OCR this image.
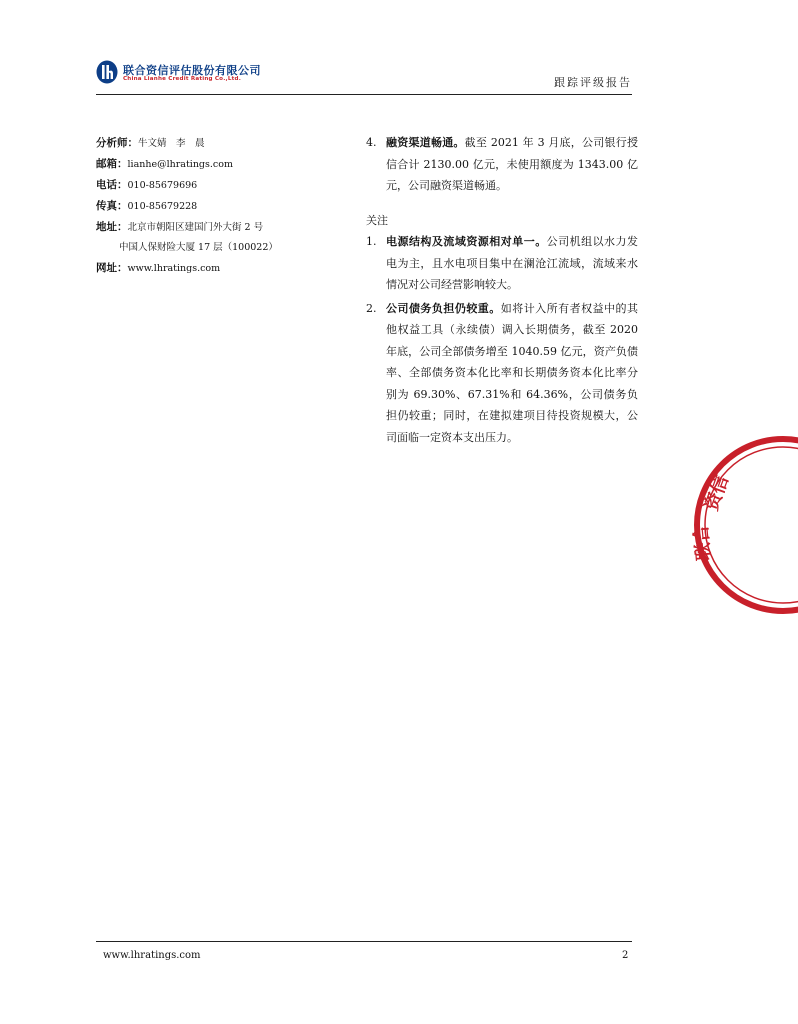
联合资信评估股份有限公司
China Lianhe Credit Rating Co.,Ltd.	跟踪评级报告
分析师：牛文婧　李　晨
邮箱：lianhe@lhratings.com
电话：010-85679696
传真：010-85679228
地址：北京市朝阳区建国门外大街 2 号
中国人保财险大厦 17 层（100022）
网址：www.lhratings.com
4. 融资渠道畅通。截至 2021 年 3 月底，公司银行授信合计 2130.00 亿元，未使用额度为 1343.00 亿元，公司融资渠道畅通。
关注
1. 电源结构及流域资源相对单一。公司机组以水力发电为主，且水电项目集中在澜沧江流域，流域来水情况对公司经营影响较大。
2. 公司债务负担仍较重。如将计入所有者权益中的其他权益工具（永续债）调入长期债务，截至 2020 年底，公司全部债务增至 1040.59 亿元，资产负债率、全部债务资本化比率和长期债务资本化比率分别为 69.30%、67.31%和 64.36%，公司债务负担仍较重；同时，在建拟建项目待投资规模大，公司面临一定资本支出压力。
资信
联合
www.lhratings.com	2
